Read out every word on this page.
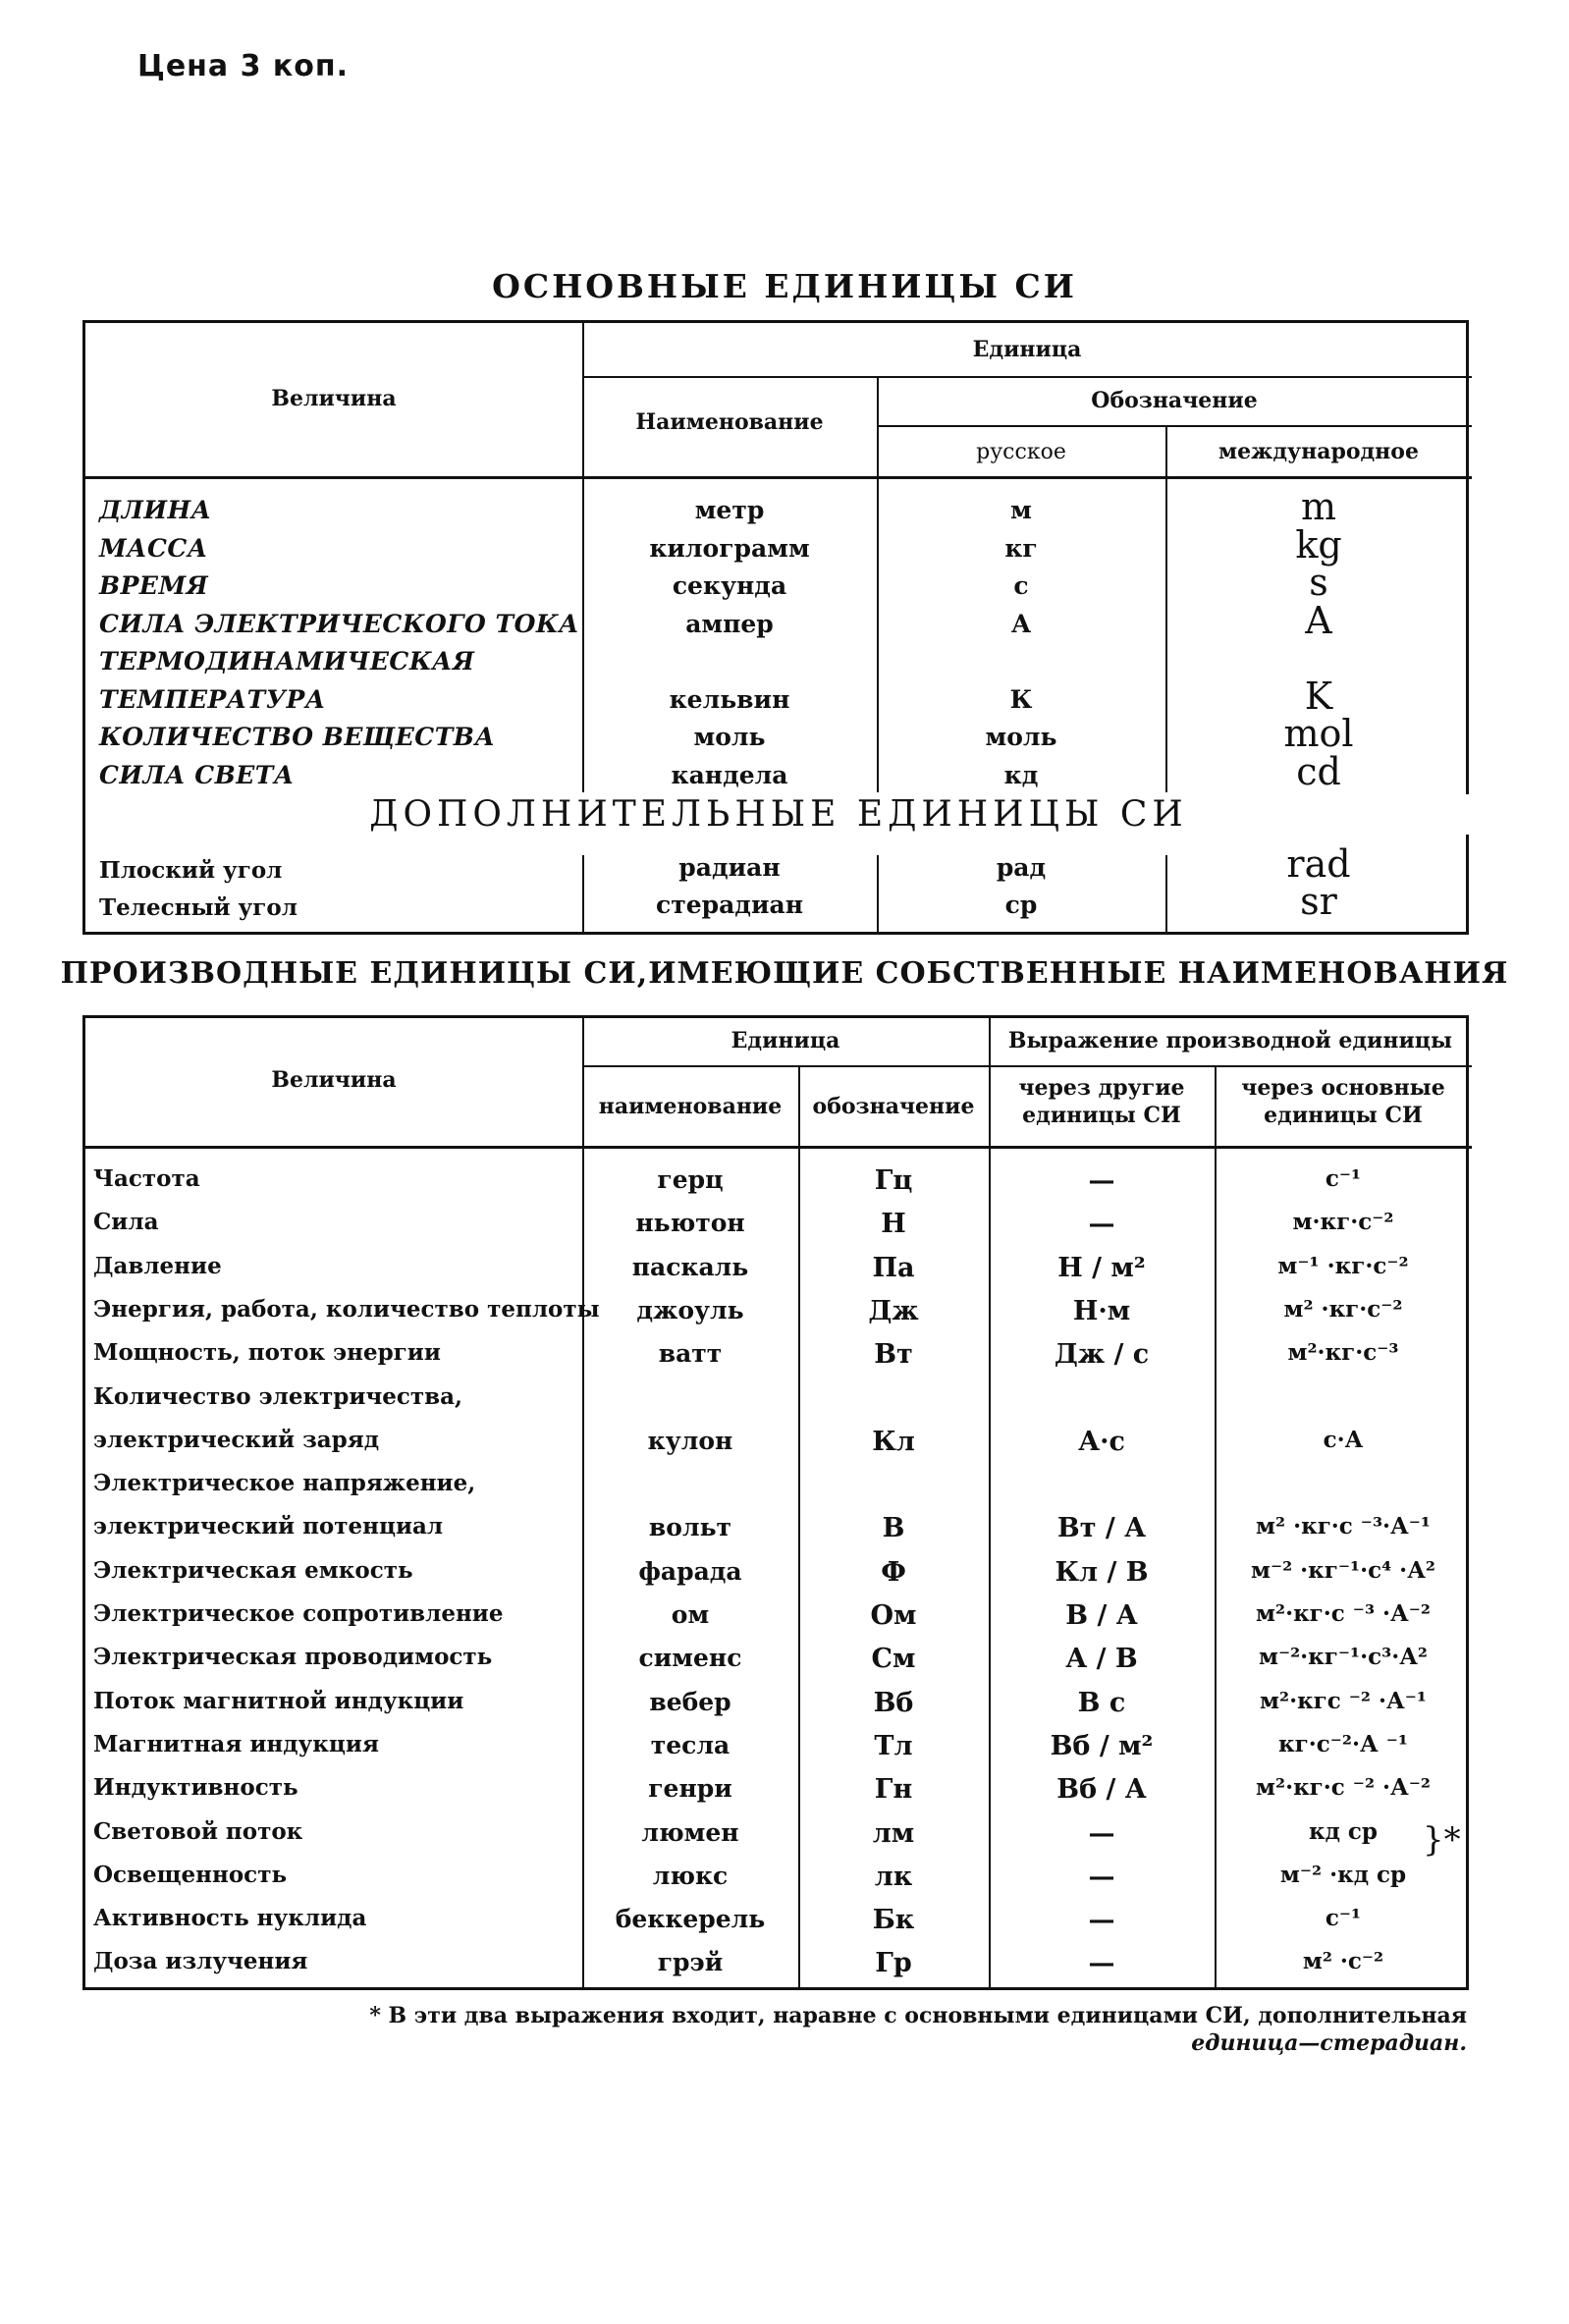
Цена 3 коп.
ОСНОВНЫЕ ЕДИНИЦЫ СИ
Величина
Единица
Наименование
Обозначение
русское	международное
ДЛИНА	метр	м	m
МАССА	килограмм	кг	kg
ВРЕМЯ	секунда	с	s
СИЛА ЭЛЕКТРИЧЕСКОГО ТОКА	ампер	А	A
ТЕРМОДИНАМИЧЕСКАЯ
ТЕМПЕРАТУРА	кельвин	К	K
КОЛИЧЕСТВО ВЕЩЕСТВА	моль	моль	mol
СИЛА СВЕТА	кандела	кд	cd
ДОПОЛНИТЕЛЬНЫЕ ЕДИНИЦЫ СИ
Плоский угол	радиан	рад	rad
Телесный угол	стерадиан	ср	sr
ПРОИЗВОДНЫЕ ЕДИНИЦЫ СИ,ИМЕЮЩИЕ СОБСТВЕННЫЕ НАИМЕНОВАНИЯ
Величина
Единица	Выражение производной единицы
наименование	обозначение
через другие
единицы СИ
через основные
единицы СИ
Частота	герц	Гц	—	с⁻¹
Сила	ньютон	Н	—	м·кг·с⁻²
Давление	паскаль	Па	Н / м²	м⁻¹ ·кг·с⁻²
Энергия, работа, количество теплоты	джоуль	Дж	Н·м	м² ·кг·с⁻²
Мощность, поток энергии	ватт	Вт	Дж / с	м²·кг·с⁻³
Количество электричества,
электрический заряд	кулон	Кл	А·с	с·А
Электрическое напряжение,
электрический потенциал	вольт	В	Вт / А	м² ·кг·с ⁻³·А⁻¹
Электрическая емкость	фарада	Ф	Кл / В	м⁻² ·кг⁻¹·с⁴ ·А²
Электрическое сопротивление	ом	Ом	В / А	м²·кг·с ⁻³ ·А⁻²
Электрическая проводимость	сименс	См	А / В	м⁻²·кг⁻¹·с³·А²
Поток магнитной индукции	вебер	Вб	В с	м²·кгс ⁻² ·А⁻¹
Магнитная индукция	тесла	Тл	Вб / м²	кг·с⁻²·А ⁻¹
Индуктивность	генри	Гн	Вб / А	м²·кг·с ⁻² ·А⁻²
Световой поток	люмен	лм	—	кд ср
Освещенность	люкс	лк	—	м⁻² ·кд ср
Активность нуклида	беккерель	Бк	—	с⁻¹
Доза излучения	грэй	Гр	—	м² ·с⁻²
}*
* В эти два выражения входит, наравне с основными единицами СИ, дополнительная
единица—стерадиан.
